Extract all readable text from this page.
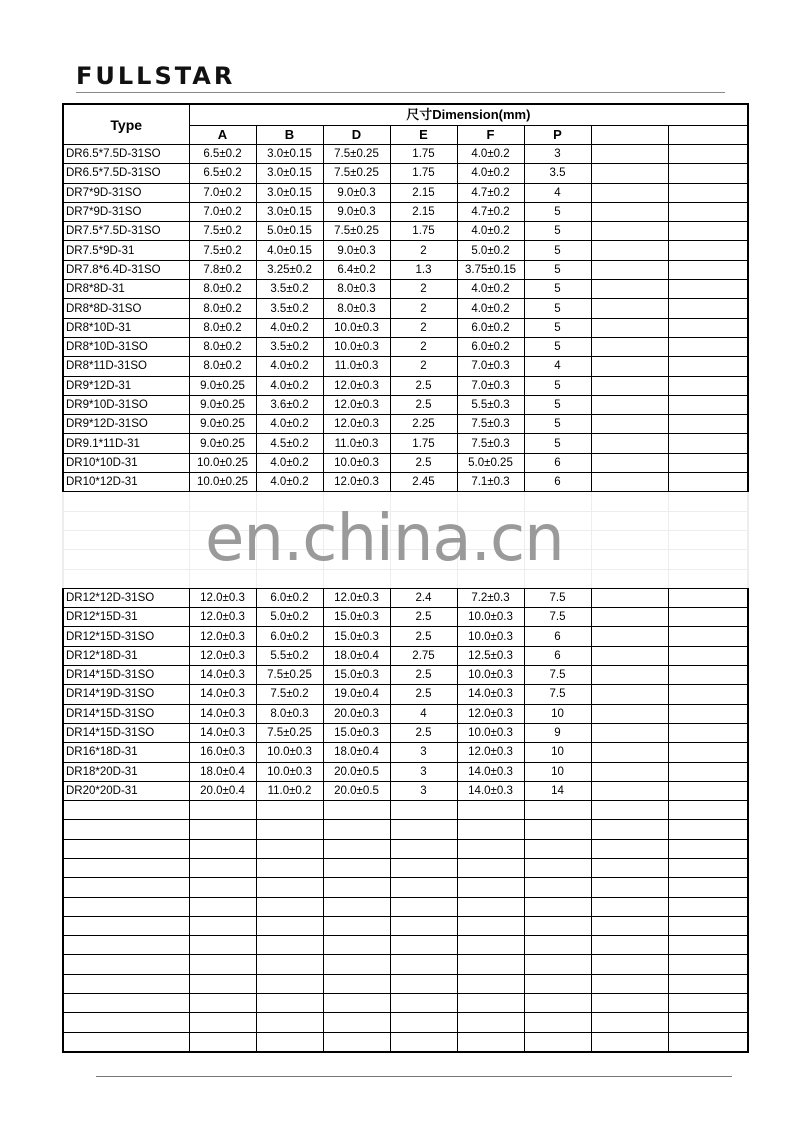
FULLSTAR
Type	尺寸Dimension(mm)							
	A	B	D	E	F	P		
DR6.5*7.5D-31SO	6.5±0.2	3.0±0.15	7.5±0.25	1.75	4.0±0.2	3		
DR6.5*7.5D-31SO	6.5±0.2	3.0±0.15	7.5±0.25	1.75	4.0±0.2	3.5		
DR7*9D-31SO	7.0±0.2	3.0±0.15	9.0±0.3	2.15	4.7±0.2	4		
DR7*9D-31SO	7.0±0.2	3.0±0.15	9.0±0.3	2.15	4.7±0.2	5		
DR7.5*7.5D-31SO	7.5±0.2	5.0±0.15	7.5±0.25	1.75	4.0±0.2	5		
DR7.5*9D-31	7.5±0.2	4.0±0.15	9.0±0.3	2	5.0±0.2	5		
DR7.8*6.4D-31SO	7.8±0.2	3.25±0.2	6.4±0.2	1.3	3.75±0.15	5		
DR8*8D-31	8.0±0.2	3.5±0.2	8.0±0.3	2	4.0±0.2	5		
DR8*8D-31SO	8.0±0.2	3.5±0.2	8.0±0.3	2	4.0±0.2	5		
DR8*10D-31	8.0±0.2	4.0±0.2	10.0±0.3	2	6.0±0.2	5		
DR8*10D-31SO	8.0±0.2	3.5±0.2	10.0±0.3	2	6.0±0.2	5		
DR8*11D-31SO	8.0±0.2	4.0±0.2	11.0±0.3	2	7.0±0.3	4		
DR9*12D-31	9.0±0.25	4.0±0.2	12.0±0.3	2.5	7.0±0.3	5		
DR9*10D-31SO	9.0±0.25	3.6±0.2	12.0±0.3	2.5	5.5±0.3	5		
DR9*12D-31SO	9.0±0.25	4.0±0.2	12.0±0.3	2.25	7.5±0.3	5		
DR9.1*11D-31	9.0±0.25	4.5±0.2	11.0±0.3	1.75	7.5±0.3	5		
DR10*10D-31	10.0±0.25	4.0±0.2	10.0±0.3	2.5	5.0±0.25	6		
DR10*12D-31	10.0±0.25	4.0±0.2	12.0±0.3	2.45	7.1±0.3	6		

DR12*12D-31SO	12.0±0.3	6.0±0.2	12.0±0.3	2.4	7.2±0.3	7.5		
DR12*15D-31	12.0±0.3	5.0±0.2	15.0±0.3	2.5	10.0±0.3	7.5		
DR12*15D-31SO	12.0±0.3	6.0±0.2	15.0±0.3	2.5	10.0±0.3	6		
DR12*18D-31	12.0±0.3	5.5±0.2	18.0±0.4	2.75	12.5±0.3	6		
DR14*15D-31SO	14.0±0.3	7.5±0.25	15.0±0.3	2.5	10.0±0.3	7.5		
DR14*19D-31SO	14.0±0.3	7.5±0.2	19.0±0.4	2.5	14.0±0.3	7.5		
DR14*15D-31SO	14.0±0.3	8.0±0.3	20.0±0.3	4	12.0±0.3	10		
DR14*15D-31SO	14.0±0.3	7.5±0.25	15.0±0.3	2.5	10.0±0.3	9		
DR16*18D-31	16.0±0.3	10.0±0.3	18.0±0.4	3	12.0±0.3	10		
DR18*20D-31	18.0±0.4	10.0±0.3	20.0±0.5	3	14.0±0.3	10		
DR20*20D-31	20.0±0.4	11.0±0.2	20.0±0.5	3	14.0±0.3	14		

en.china.cn
